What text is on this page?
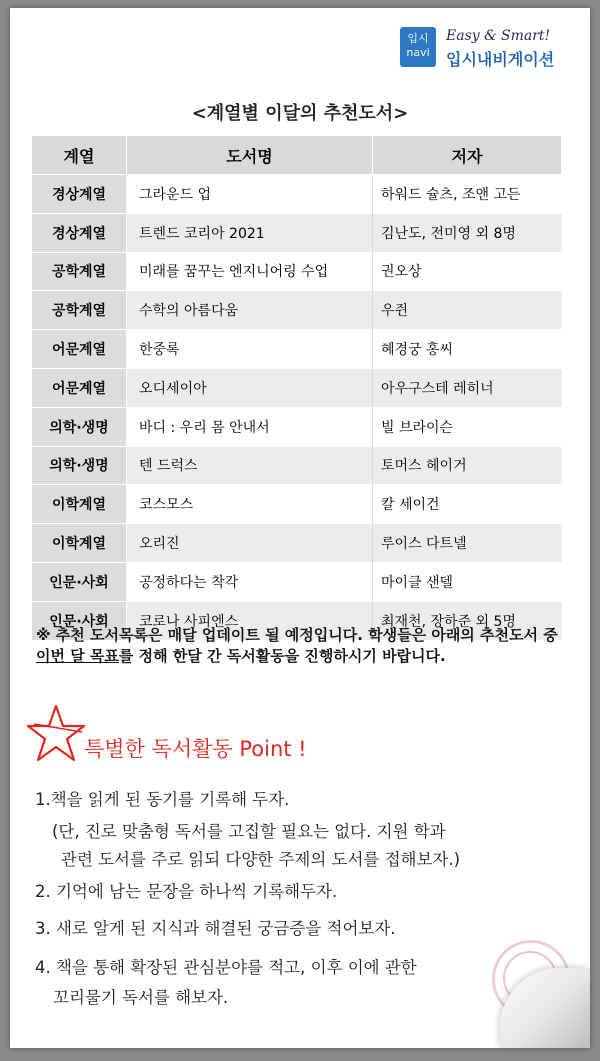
입시
navi
Easy & Smart!
입시내비게이션
<계열별 이달의 추천도서>
계열	도서명	저자
경상계열	그라운드 업	하워드 슐츠, 조앤 고든
경상계열	트렌드 코리아 2021	김난도, 전미영 외 8명
공학계열	미래를 꿈꾸는 엔지니어링 수업	권오상
공학계열	수학의 아름다움	우쥔
어문계열	한중록	혜경궁 홍씨
어문계열	오디세이아	아우구스테 레히너
의학·생명	바디 : 우리 몸 안내서	빌 브라이슨
의학·생명	텐 드럭스	토머스 헤이거
이학계열	코스모스	칼 세이건
이학계열	오리진	루이스 다트넬
인문·사회	공정하다는 착각	마이클 샌델
인문·사회	코로나 사피엔스	최재천, 장하준 외 5명
※ 추천 도서목록은 매달 업데이트 될 예정입니다. 학생들은 아래의 추천도서 중 이번 달 목표를 정해 한달 간 독서활동을 진행하시기 바랍니다.
특별한 독서활동 Point !
1.책을 읽게 된 동기를 기록해 두자.
(단, 진로 맞춤형 독서를 고집할 필요는 없다. 지원 학과
관련 도서를 주로 읽되 다양한 주제의 도서를 접해보자.)
2. 기억에 남는 문장을 하나씩 기록해두자.
3. 새로 알게 된 지식과 해결된 궁금증을 적어보자.
4. 책을 통해 확장된 관심분야를 적고, 이후 이에 관한
꼬리물기 독서를 해보자.
